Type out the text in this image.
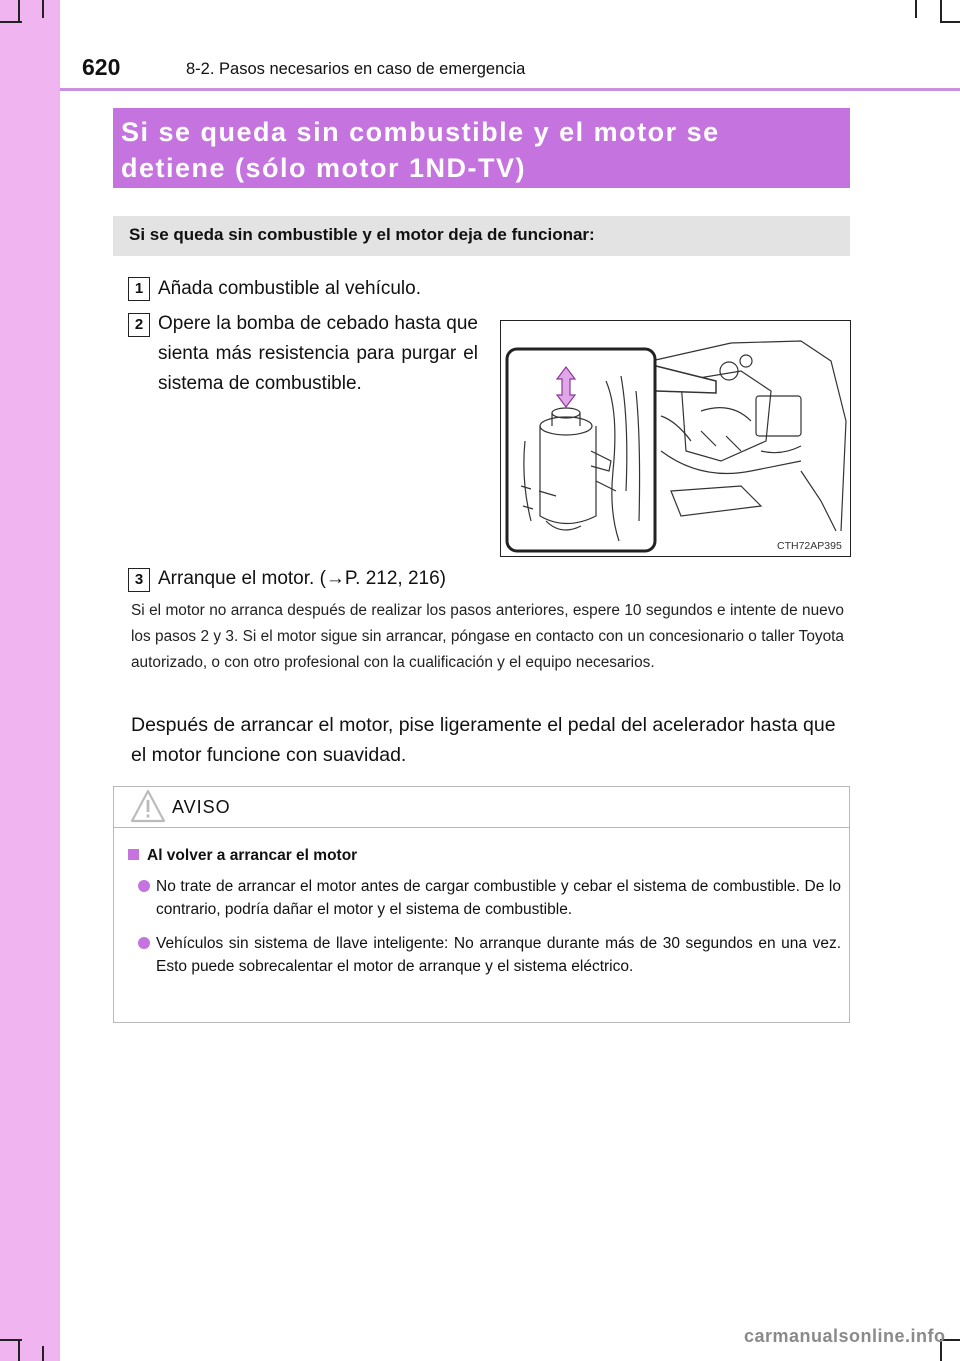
620	8-2. Pasos necesarios en caso de emergencia
Si se queda sin combustible y el motor se
detiene (sólo motor 1ND-TV)
Si se queda sin combustible y el motor deja de funcionar:
1 Añada combustible al vehículo.
2 Opere la bomba de cebado hasta que sienta más resistencia para purgar el sistema de combustible.
CTH72AP395
3 Arranque el motor. (→P. 212, 216)
Si el motor no arranca después de realizar los pasos anteriores, espere 10 segundos e intente de nuevo los pasos 2 y 3. Si el motor sigue sin arrancar, póngase en contacto con un concesionario o taller Toyota autorizado, o con otro profesional con la cualificación y el equipo necesarios.
Después de arrancar el motor, pise ligeramente el pedal del acelerador hasta que el motor funcione con suavidad.
AVISO
Al volver a arrancar el motor
No trate de arrancar el motor antes de cargar combustible y cebar el sistema de combustible. De lo contrario, podría dañar el motor y el sistema de combustible.
Vehículos sin sistema de llave inteligente: No arranque durante más de 30 segundos en una vez. Esto puede sobrecalentar el motor de arranque y el sistema eléctrico.
carmanualsonline.info
